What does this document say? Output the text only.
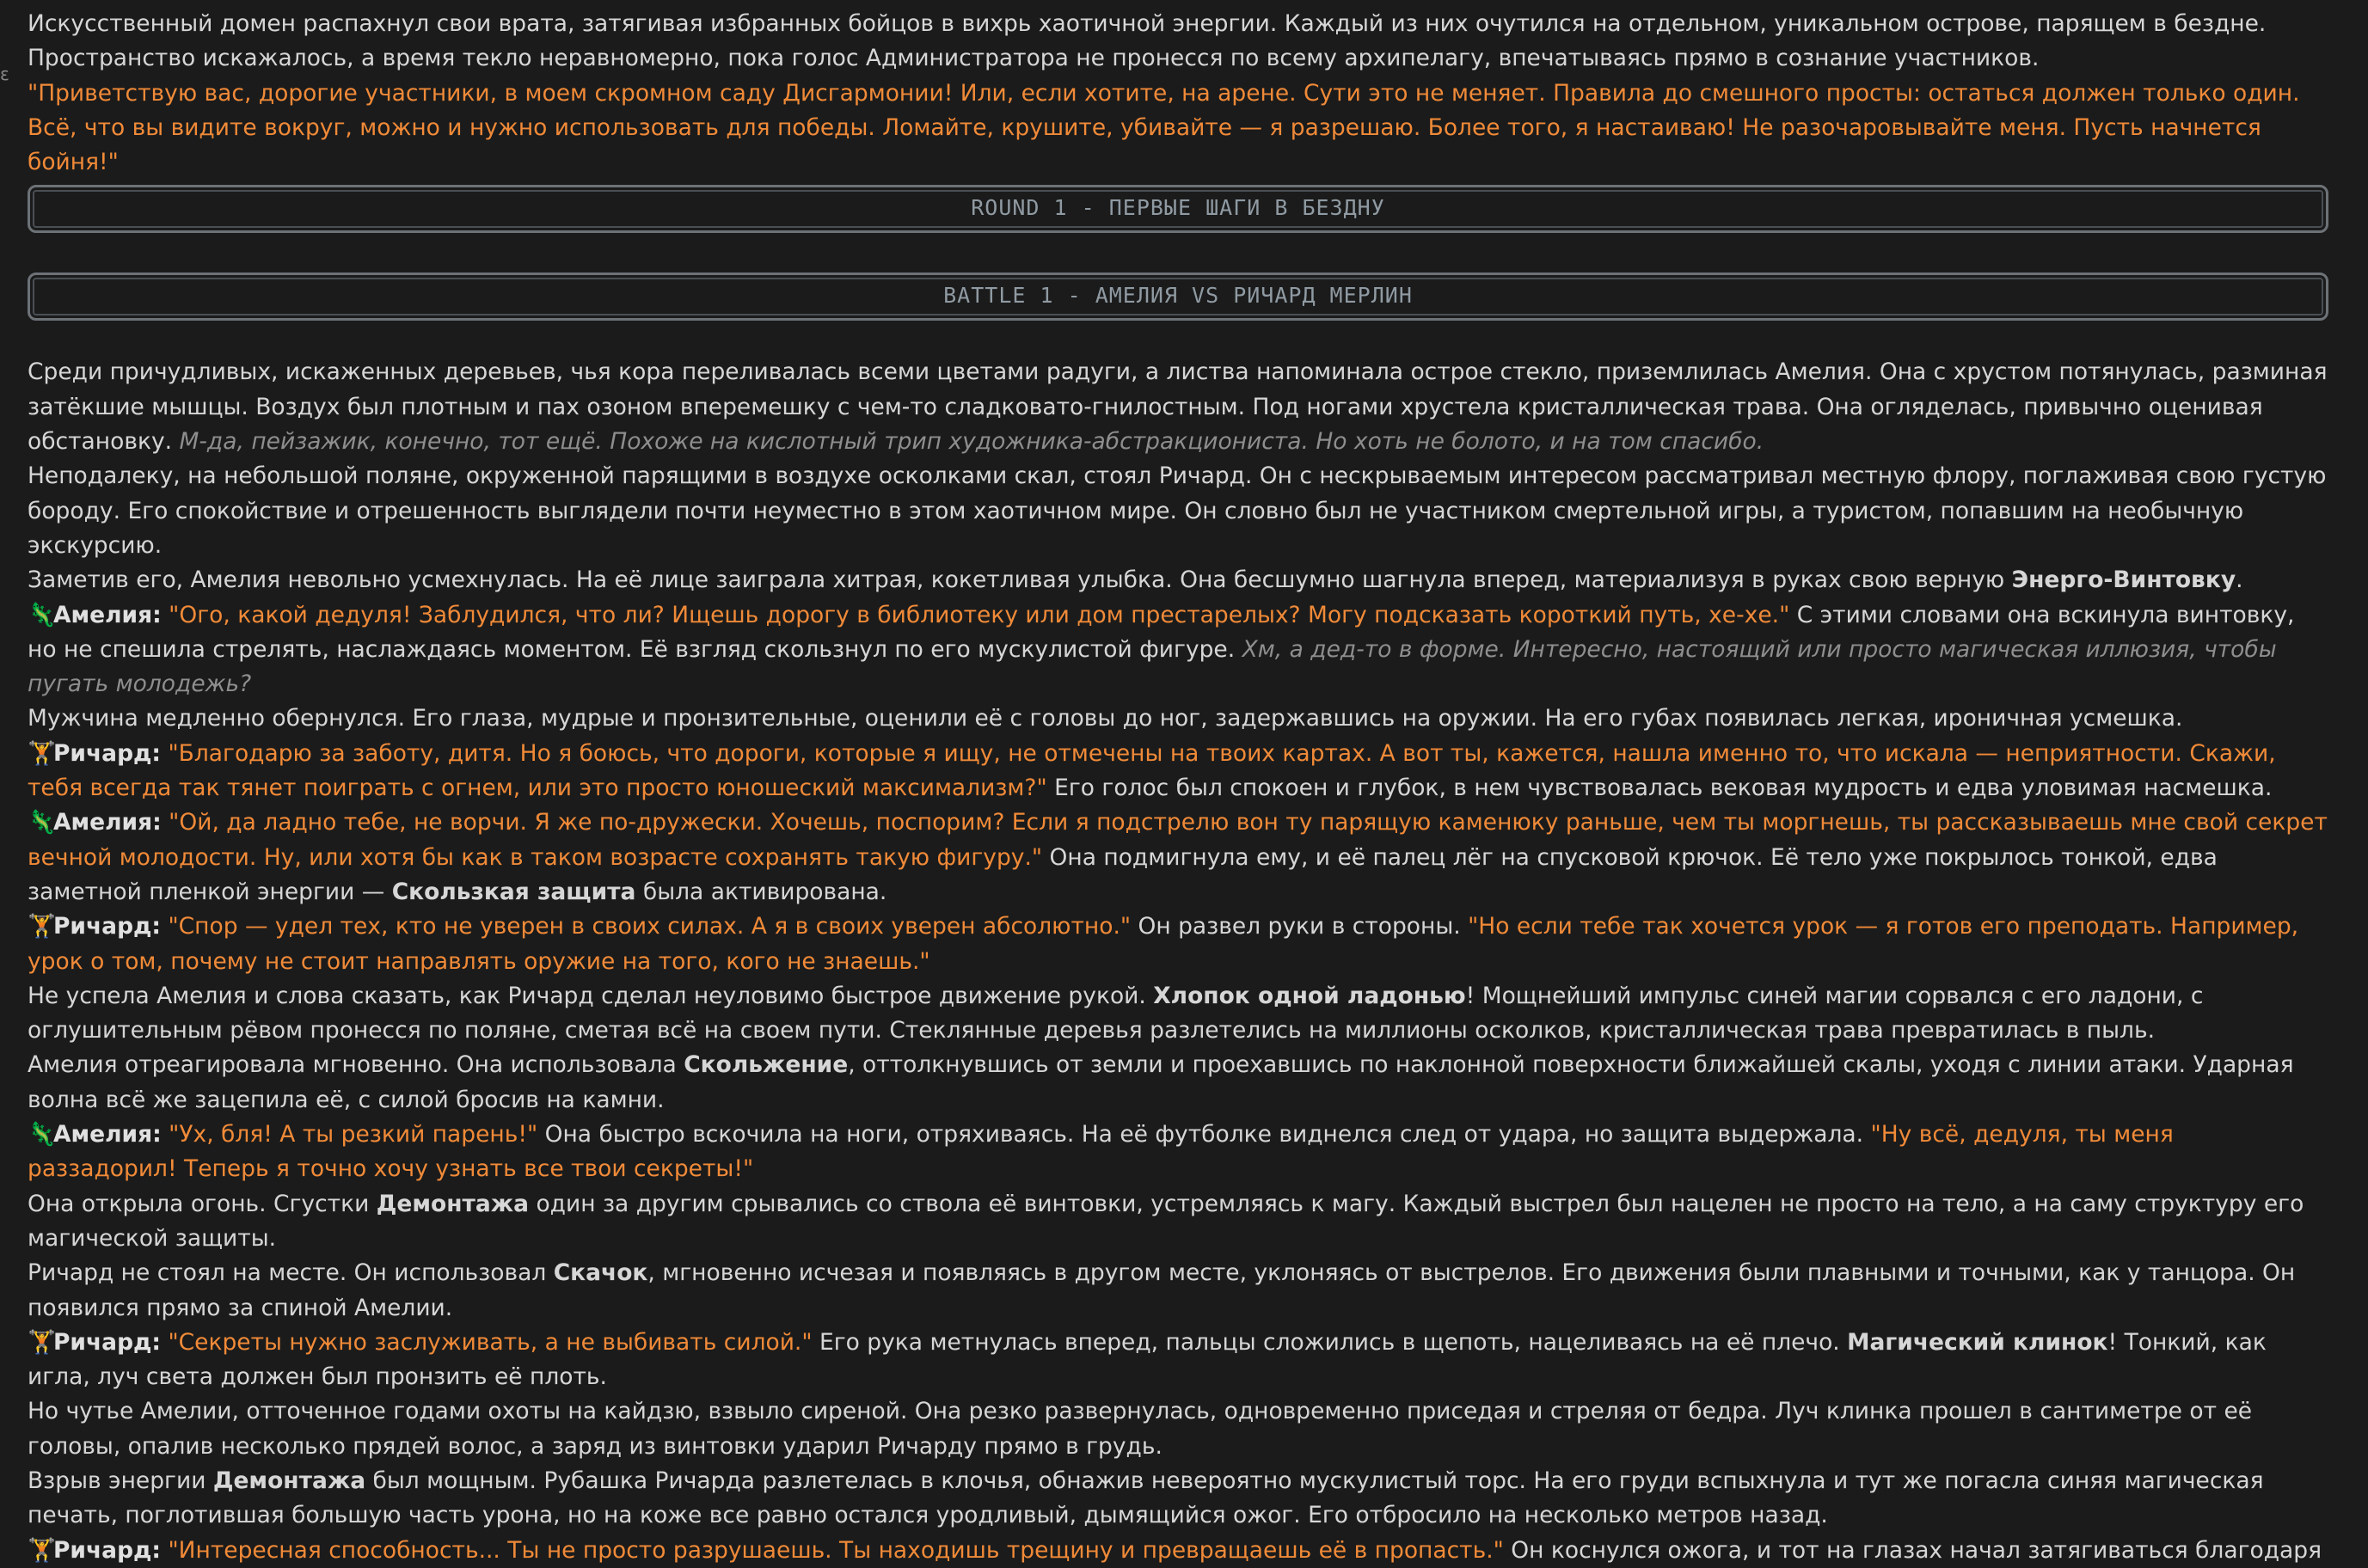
ε

Искусственный домен распахнул свои врата, затягивая избранных бойцов в вихрь хаотичной энергии. Каждый из них очутился на отдельном, уникальном острове, парящем в бездне. Пространство искажалось, а время текло неравномерно, пока голос Администратора не пронесся по всему архипелагу, впечатываясь прямо в сознание участников.

"Приветствую вас, дорогие участники, в моем скромном саду Дисгармонии! Или, если хотите, на арене. Сути это не меняет. Правила до смешного просты: остаться должен только один. Всё, что вы видите вокруг, можно и нужно использовать для победы. Ломайте, крушите, убивайте — я разрешаю. Более того, я настаиваю! Не разочаровывайте меня. Пусть начнется бойня!"

ROUND 1 - ПЕРВЫЕ ШАГИ В БЕЗДНУ
BATTLE 1 - АМЕЛИЯ VS РИЧАРД МЕРЛИН

Среди причудливых, искаженных деревьев, чья кора переливалась всеми цветами радуги, а листва напоминала острое стекло, приземлилась Амелия. Она с хрустом потянулась, разминая затёкшие мышцы. Воздух был плотным и пах озоном вперемешку с чем-то сладковато-гнилостным. Под ногами хрустела кристаллическая трава. Она огляделась, привычно оценивая обстановку. М-да, пейзажик, конечно, тот ещё. Похоже на кислотный трип художника-абстракциониста. Но хоть не болото, и на том спасибо.

Неподалеку, на небольшой поляне, окруженной парящими в воздухе осколками скал, стоял Ричард. Он с нескрываемым интересом рассматривал местную флору, поглаживая свою густую бороду. Его спокойствие и отрешенность выглядели почти неуместно в этом хаотичном мире. Он словно был не участником смертельной игры, а туристом, попавшим на необычную экскурсию.

Заметив его, Амелия невольно усмехнулась. На её лице заиграла хитрая, кокетливая улыбка. Она бесшумно шагнула вперед, материализуя в руках свою верную Энерго-Винтовку.

🦎Амелия: "Ого, какой дедуля! Заблудился, что ли? Ищешь дорогу в библиотеку или дом престарелых? Могу подсказать короткий путь, хе-хе." С этими словами она вскинула винтовку, но не спешила стрелять, наслаждаясь моментом. Её взгляд скользнул по его мускулистой фигуре. Хм, а дед-то в форме. Интересно, настоящий или просто магическая иллюзия, чтобы пугать молодежь?

Мужчина медленно обернулся. Его глаза, мудрые и пронзительные, оценили её с головы до ног, задержавшись на оружии. На его губах появилась легкая, ироничная усмешка.

🏋Ричард: "Благодарю за заботу, дитя. Но я боюсь, что дороги, которые я ищу, не отмечены на твоих картах. А вот ты, кажется, нашла именно то, что искала — неприятности. Скажи, тебя всегда так тянет поиграть с огнем, или это просто юношеский максимализм?" Его голос был спокоен и глубок, в нем чувствовалась вековая мудрость и едва уловимая насмешка.

🦎Амелия: "Ой, да ладно тебе, не ворчи. Я же по-дружески. Хочешь, поспорим? Если я подстрелю вон ту парящую каменюку раньше, чем ты моргнешь, ты рассказываешь мне свой секрет вечной молодости. Ну, или хотя бы как в таком возрасте сохранять такую фигуру." Она подмигнула ему, и её палец лёг на спусковой крючок. Её тело уже покрылось тонкой, едва заметной пленкой энергии — Скользкая защита была активирована.

🏋Ричард: "Спор — удел тех, кто не уверен в своих силах. А я в своих уверен абсолютно." Он развел руки в стороны. "Но если тебе так хочется урок — я готов его преподать. Например, урок о том, почему не стоит направлять оружие на того, кого не знаешь."

Не успела Амелия и слова сказать, как Ричард сделал неуловимо быстрое движение рукой. Хлопок одной ладонью! Мощнейший импульс синей магии сорвался с его ладони, с оглушительным рёвом пронесся по поляне, сметая всё на своем пути. Стеклянные деревья разлетелись на миллионы осколков, кристаллическая трава превратилась в пыль.

Амелия отреагировала мгновенно. Она использовала Скольжение, оттолкнувшись от земли и проехавшись по наклонной поверхности ближайшей скалы, уходя с линии атаки. Ударная волна всё же зацепила её, с силой бросив на камни.

🦎Амелия: "Ух, бля! А ты резкий парень!" Она быстро вскочила на ноги, отряхиваясь. На её футболке виднелся след от удара, но защита выдержала. "Ну всё, дедуля, ты меня раззадорил! Теперь я точно хочу узнать все твои секреты!"

Она открыла огонь. Сгустки Демонтажа один за другим срывались со ствола её винтовки, устремляясь к магу. Каждый выстрел был нацелен не просто на тело, а на саму структуру его магической защиты.

Ричард не стоял на месте. Он использовал Скачок, мгновенно исчезая и появляясь в другом месте, уклоняясь от выстрелов. Его движения были плавными и точными, как у танцора. Он появился прямо за спиной Амелии.

🏋Ричард: "Секреты нужно заслуживать, а не выбивать силой." Его рука метнулась вперед, пальцы сложились в щепоть, нацеливаясь на её плечо. Магический клинок! Тонкий, как игла, луч света должен был пронзить её плоть.

Но чутье Амелии, отточенное годами охоты на кайдзю, взвыло сиреной. Она резко развернулась, одновременно приседая и стреляя от бедра. Луч клинка прошел в сантиметре от её головы, опалив несколько прядей волос, а заряд из винтовки ударил Ричарду прямо в грудь.

Взрыв энергии Демонтажа был мощным. Рубашка Ричарда разлетелась в клочья, обнажив невероятно мускулистый торс. На его груди вспыхнула и тут же погасла синяя магическая печать, поглотившая большую часть урона, но на коже все равно остался уродливый, дымящийся ожог. Его отбросило на несколько метров назад.

🏋Ричард: "Интересная способность... Ты не просто разрушаешь. Ты находишь трещину и превращаешь её в пропасть." Он коснулся ожога, и тот на глазах начал затягиваться благодаря
